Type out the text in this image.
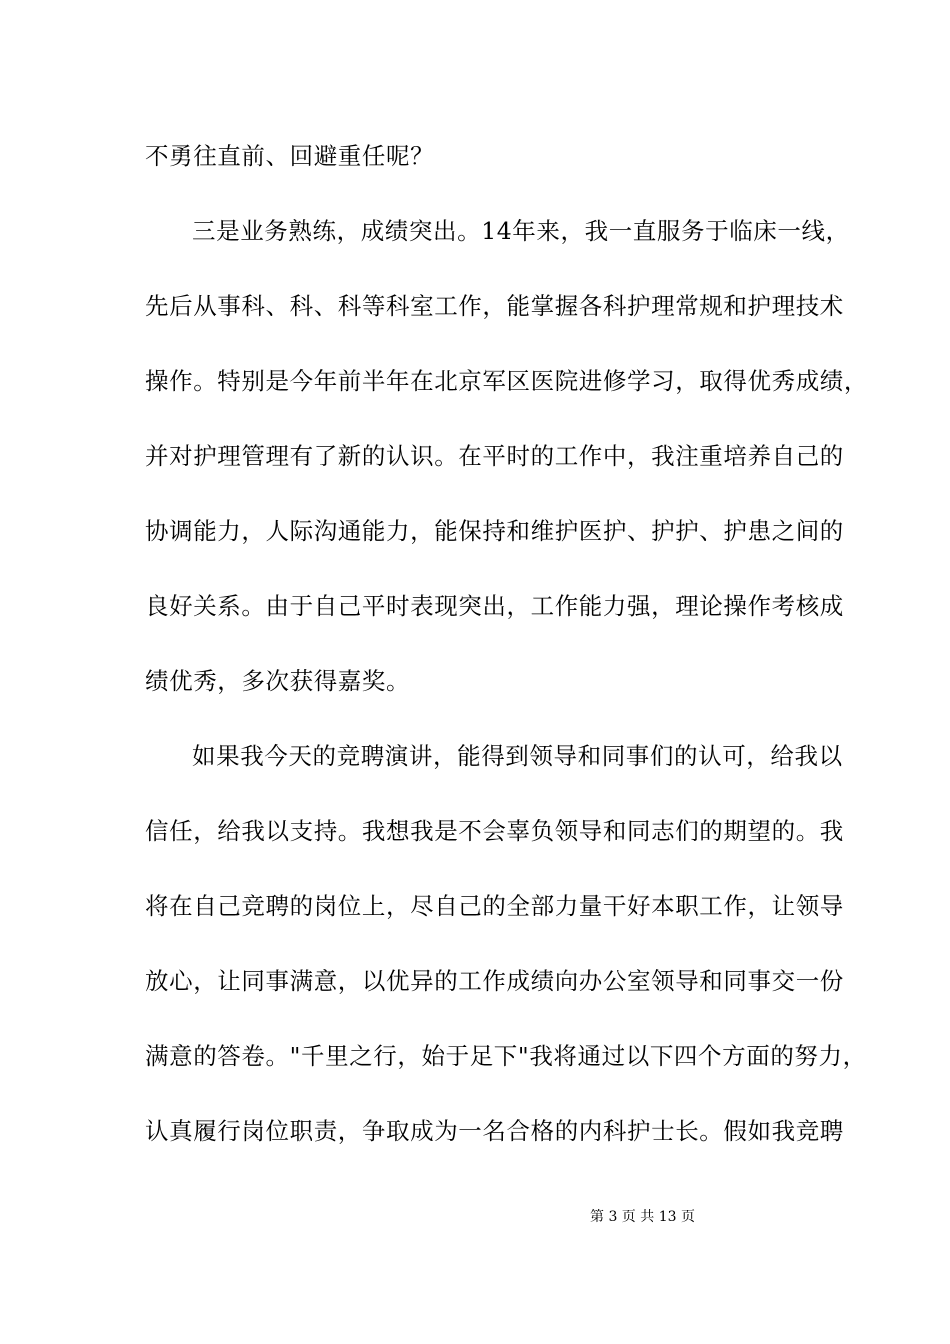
不勇往直前、回避重任呢？
三是业务熟练，成绩突出。14年来，我一直服务于临床一线，
先后从事科、科、科等科室工作，能掌握各科护理常规和护理技术
操作。特别是今年前半年在北京军区医院进修学习，取得优秀成绩，
并对护理管理有了新的认识。在平时的工作中，我注重培养自己的
协调能力，人际沟通能力，能保持和维护医护、护护、护患之间的
良好关系。由于自己平时表现突出，工作能力强，理论操作考核成
绩优秀，多次获得嘉奖。
如果我今天的竞聘演讲，能得到领导和同事们的认可，给我以
信任，给我以支持。我想我是不会辜负领导和同志们的期望的。我
将在自己竞聘的岗位上，尽自己的全部力量干好本职工作，让领导
放心，让同事满意，以优异的工作成绩向办公室领导和同事交一份
满意的答卷。"千里之行，始于足下"我将通过以下四个方面的努力，
认真履行岗位职责，争取成为一名合格的内科护士长。假如我竞聘
第 3 页 共 13 页
